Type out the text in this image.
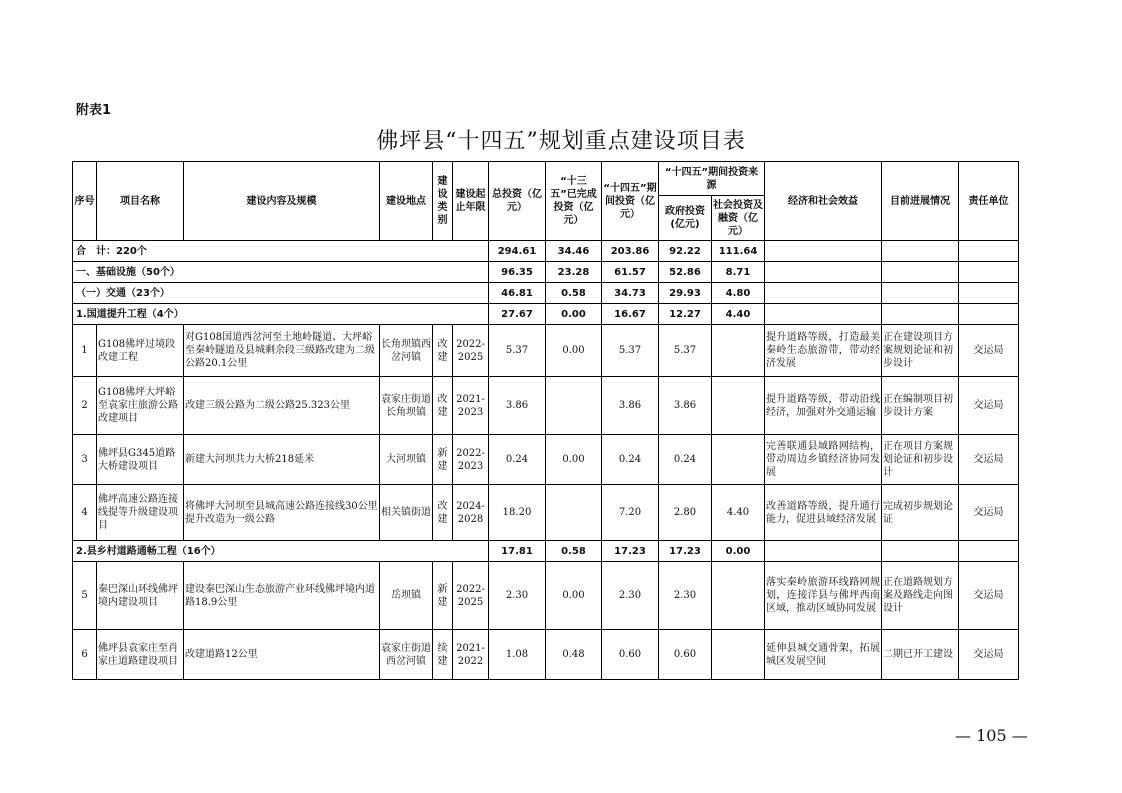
附表1
佛坪县“十四五”规划重点建设项目表
序号	项目名称	建设内容及规模	建设地点	建设类别	建设起止年限	总投资（亿元）	“十三五”已完成投资（亿元）	“十四五”期间投资（亿元）	“十四五”期间投资来源		经济和社会效益	目前进展情况	责任单位
									政府投资(亿元)	社会投资及融资（亿元）			
合　计：220个						294.61	34.46	203.86	92.22	111.64			
一、基础设施（50个）						96.35	23.28	61.57	52.86	8.71			
（一）交通（23个）						46.81	0.58	34.73	29.93	4.80			
1.国道提升工程（4个）						27.67	0.00	16.67	12.27	4.40			
1	G108佛坪过境段改建工程	对G108国道西岔河至土地岭隧道、大坪峪至秦岭隧道及县城剩余段三级路改建为二级公路20.1公里	长角坝镇西岔河镇	改建	2022-2025	5.37	0.00	5.37	5.37		提升道路等级，打造最美秦岭生态旅游带，带动经济发展	正在建设项目方案规划论证和初步设计	交运局
2	G108佛坪大坪峪至袁家庄旅游公路改建项目	改建三级公路为二级公路25.323公里	袁家庄街道长角坝镇	改建	2021-2023	3.86		3.86	3.86		提升道路等级，带动沿线经济，加强对外交通运输	正在编制项目初步设计方案	交运局
3	佛坪县G345道路大桥建设项目	新建大河坝共力大桥218延米	大河坝镇	新建	2022-2023	0.24	0.00	0.24	0.24		完善联通县域路网结构，带动周边乡镇经济协同发展	正在项目方案规划论证和初步设计	交运局
4	佛坪高速公路连接线提等升级建设项目	将佛坪大河坝至县城高速公路连接线30公里提升改造为一级公路	相关镇街道	改建	2024-2028	18.20		7.20	2.80	4.40	改善道路等级，提升通行能力，促进县域经济发展	完成初步规划论证	交运局
2.县乡村道路通畅工程（16个）						17.81	0.58	17.23	17.23	0.00			
5	秦巴深山环线佛坪境内建设项目	建设秦巴深山生态旅游产业环线佛坪境内道路18.9公里	岳坝镇	新建	2022-2025	2.30	0.00	2.30	2.30		落实秦岭旅游环线路网规划，连接洋县与佛坪西南区域，推动区域协同发展	正在道路规划方案及路线走向图设计	交运局
6	佛坪县袁家庄至肖家庄道路建设项目	改建道路12公里	袁家庄街道西岔河镇	续建	2021-2022	1.08	0.48	0.60	0.60		延伸县城交通骨架，拓展城区发展空间	二期已开工建设	交运局
— 105 —
